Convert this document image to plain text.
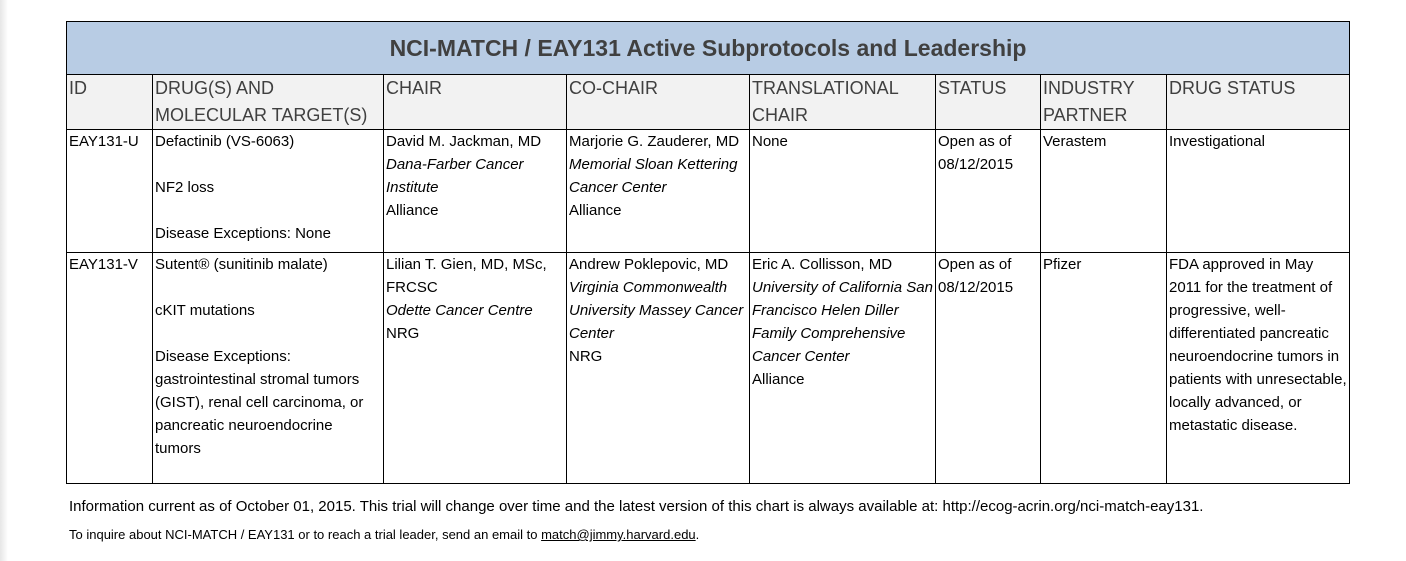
NCI-MATCH / EAY131 Active Subprotocols and Leadership							
ID	DRUG(S) AND MOLECULAR TARGET(S)	CHAIR	CO-CHAIR	TRANSLATIONAL CHAIR	STATUS	INDUSTRY PARTNER	DRUG STATUS
EAY131-U	Defactinib (VS-6063)
NF2 loss
Disease Exceptions: None	David M. Jackman, MD
Dana-Farber Cancer Institute
Alliance	Marjorie G. Zauderer, MD
Memorial Sloan Kettering Cancer Center
Alliance	None	Open as of 08/12/2015	Verastem	Investigational
EAY131-V	Sutent® (sunitinib malate)
cKIT mutations
Disease Exceptions: gastrointestinal stromal tumors (GIST), renal cell carcinoma, or pancreatic neuroendocrine tumors	Lilian T. Gien, MD, MSc, FRCSC
Odette Cancer Centre
NRG	Andrew Poklepovic, MD
Virginia Commonwealth University Massey Cancer Center
NRG	Eric A. Collisson, MD
University of California San Francisco Helen Diller Family Comprehensive Cancer Center
Alliance	Open as of 08/12/2015	Pfizer	FDA approved in May 2011 for the treatment of progressive, well-differentiated pancreatic neuroendocrine tumors in patients with unresectable, locally advanced, or metastatic disease.
Information current as of October 01, 2015. This trial will change over time and the latest version of this chart is always available at: http://ecog-acrin.org/nci-match-eay131.
To inquire about NCI-MATCH / EAY131 or to reach a trial leader, send an email to match@jimmy.harvard.edu.
